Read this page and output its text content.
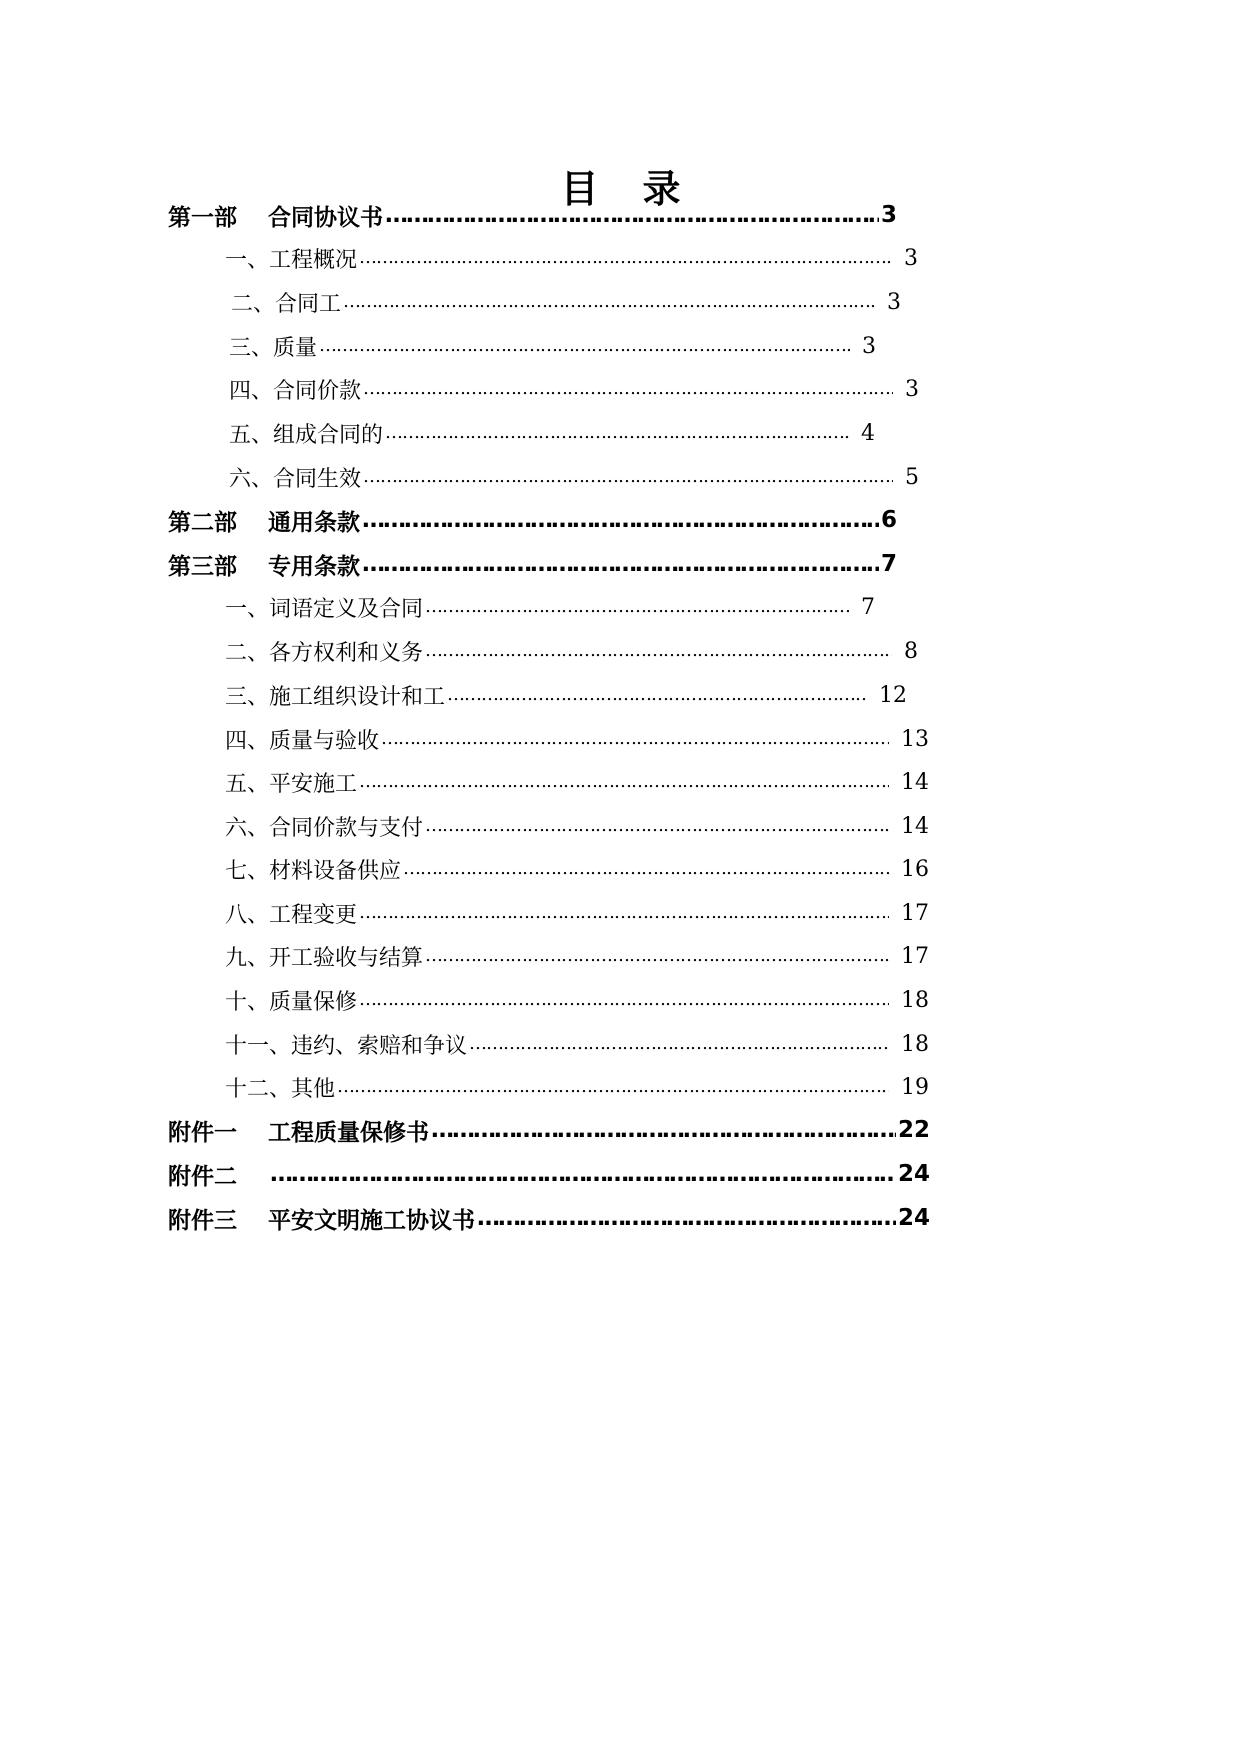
目 录
第一部 合同协议书 ……………………………………………………………………………………………………………………………………………………………………………………………………………………	3
一、工程概况 ……………………………………………………………………………………………………………………………………………………………………………………………………………………	3
二、合同工 ……………………………………………………………………………………………………………………………………………………………………………………………………………………	3
三、质量 ……………………………………………………………………………………………………………………………………………………………………………………………………………………	3
四、合同价款 ……………………………………………………………………………………………………………………………………………………………………………………………………………………	3
五、组成合同的 ……………………………………………………………………………………………………………………………………………………………………………………………………………………	4
六、合同生效 ……………………………………………………………………………………………………………………………………………………………………………………………………………………	5
第二部 通用条款 ……………………………………………………………………………………………………………………………………………………………………………………………………………………	6
第三部 专用条款 ……………………………………………………………………………………………………………………………………………………………………………………………………………………	7
一、词语定义及合同 ……………………………………………………………………………………………………………………………………………………………………………………………………………………	7
二、各方权利和义务 ……………………………………………………………………………………………………………………………………………………………………………………………………………………	8
三、施工组织设计和工 ……………………………………………………………………………………………………………………………………………………………………………………………………………………	12
四、质量与验收 ……………………………………………………………………………………………………………………………………………………………………………………………………………………	13
五、平安施工 ……………………………………………………………………………………………………………………………………………………………………………………………………………………	14
六、合同价款与支付 ……………………………………………………………………………………………………………………………………………………………………………………………………………………	14
七、材料设备供应 ……………………………………………………………………………………………………………………………………………………………………………………………………………………	16
八、工程变更 ……………………………………………………………………………………………………………………………………………………………………………………………………………………	17
九、开工验收与结算 ……………………………………………………………………………………………………………………………………………………………………………………………………………………	17
十、质量保修 ……………………………………………………………………………………………………………………………………………………………………………………………………………………	18
十一、违约、索赔和争议 ……………………………………………………………………………………………………………………………………………………………………………………………………………………	18
十二、其他 ……………………………………………………………………………………………………………………………………………………………………………………………………………………	19
附件一 工程质量保修书 ……………………………………………………………………………………………………………………………………………………………………………………………………………………	22
附件二 ……………………………………………………………………………………………………………………………………………………………………………………………………………………	24
附件三 平安文明施工协议书 ……………………………………………………………………………………………………………………………………………………………………………………………………………………	24
